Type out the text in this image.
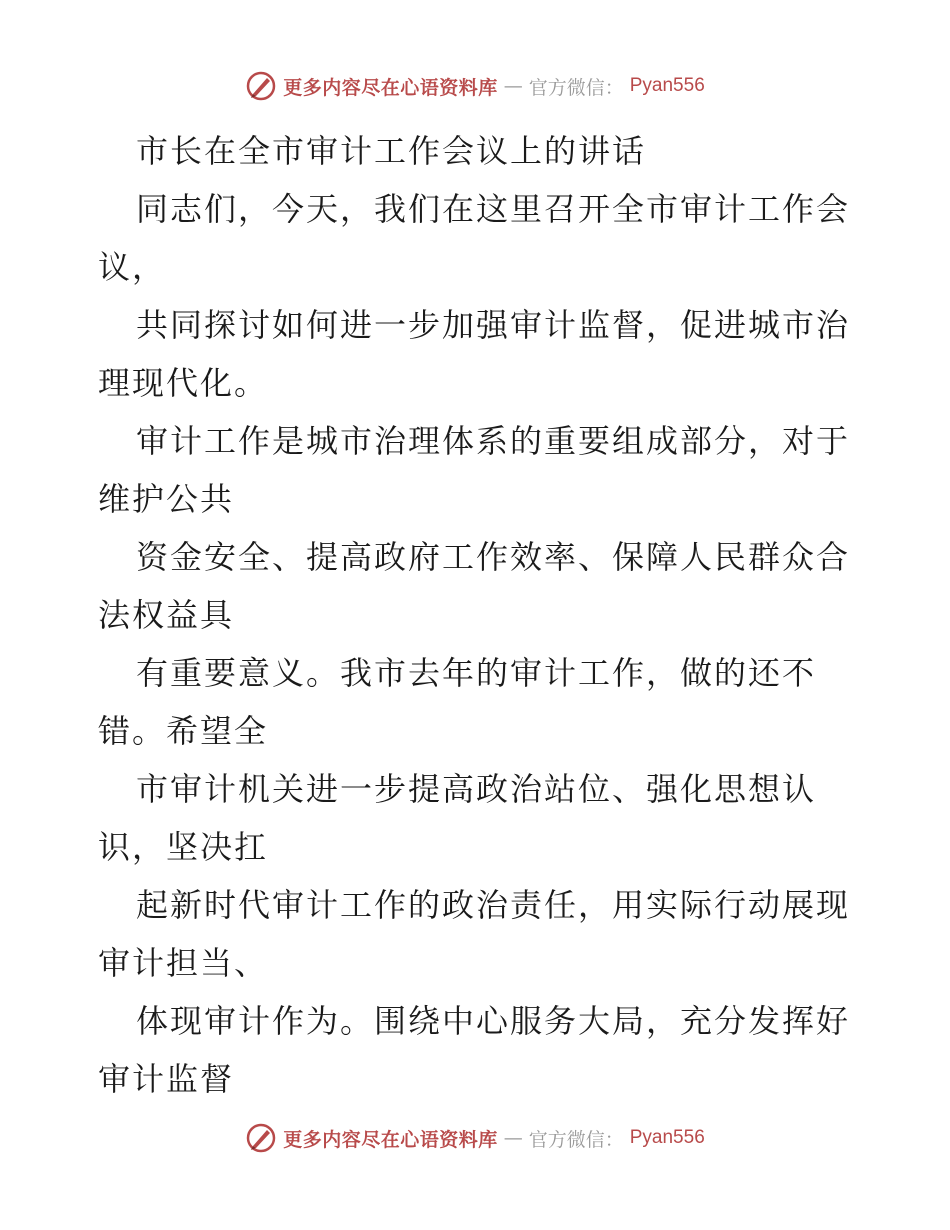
更多内容尽在心语资料库 — 官方微信： Pyan556
市长在全市审计工作会议上的讲话
同志们，今天，我们在这里召开全市审计工作会
议，
共同探讨如何进一步加强审计监督，促进城市治
理现代化。
审计工作是城市治理体系的重要组成部分，对于
维护公共
资金安全、提高政府工作效率、保障人民群众合
法权益具
有重要意义。我市去年的审计工作，做的还不
错。希望全
市审计机关进一步提高政治站位、强化思想认
识，坚决扛
起新时代审计工作的政治责任，用实际行动展现
审计担当、
体现审计作为。围绕中心服务大局，充分发挥好
审计监督
更多内容尽在心语资料库 — 官方微信： Pyan556
